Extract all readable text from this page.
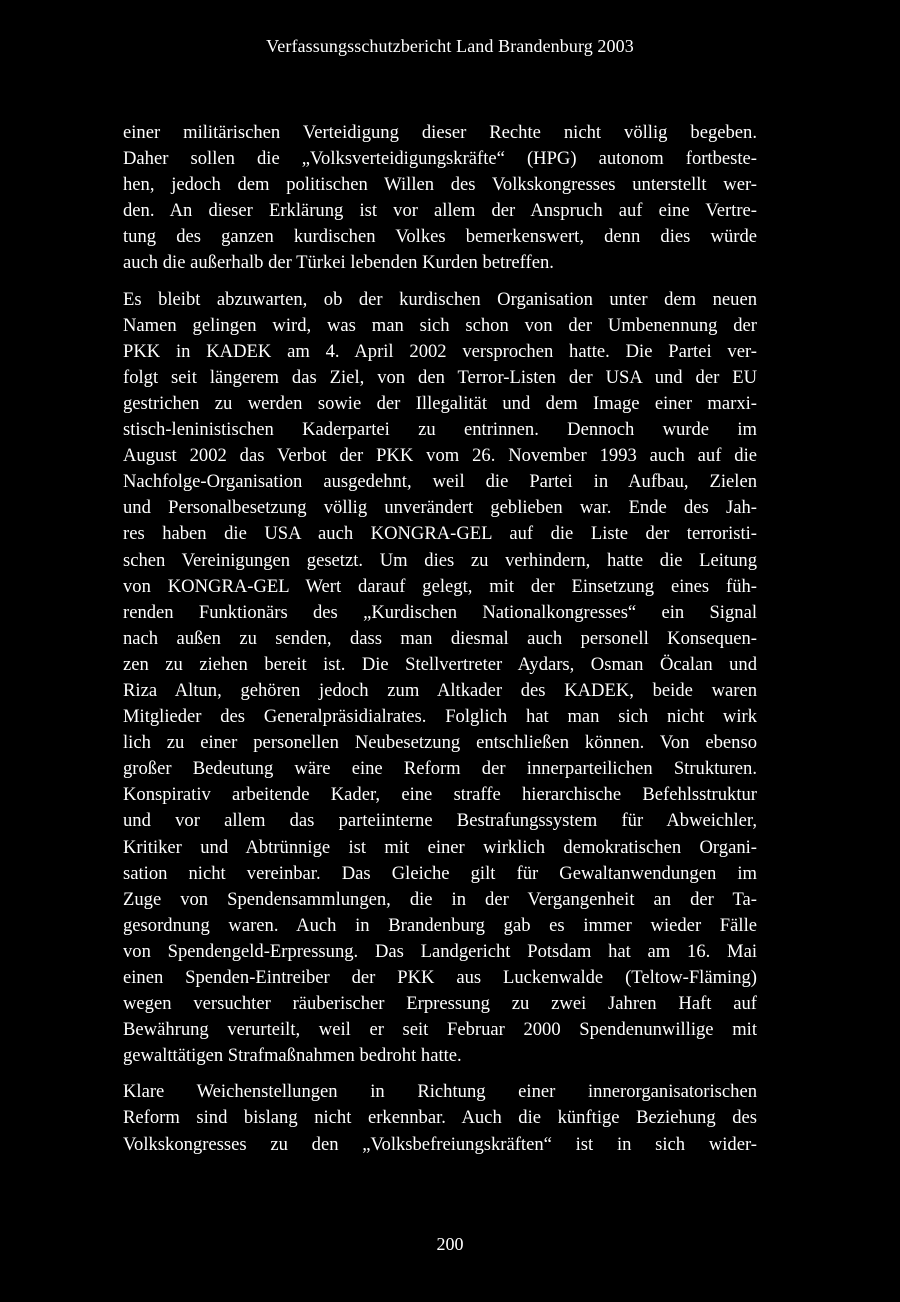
Verfassungsschutzbericht Land Brandenburg 2003
einer militärischen Verteidigung dieser Rechte nicht völlig begeben.
Daher sollen die „Volksverteidigungskräfte“ (HPG) autonom fortbeste-
hen, jedoch dem politischen Willen des Volkskongresses unterstellt wer-
den. An dieser Erklärung ist vor allem der Anspruch auf eine Vertre-
tung des ganzen kurdischen Volkes bemerkenswert, denn dies würde
auch die außerhalb der Türkei lebenden Kurden betreffen.
Es bleibt abzuwarten, ob der kurdischen Organisation unter dem neuen
Namen gelingen wird, was man sich schon von der Umbenennung der
PKK in KADEK am 4. April 2002 versprochen hatte. Die Partei ver-
folgt seit längerem das Ziel, von den Terror-Listen der USA und der EU
gestrichen zu werden sowie der Illegalität und dem Image einer marxi-
stisch-leninistischen Kaderpartei zu entrinnen. Dennoch wurde im
August 2002 das Verbot der PKK vom 26. November 1993 auch auf die
Nachfolge-Organisation ausgedehnt, weil die Partei in Aufbau, Zielen
und Personalbesetzung völlig unverändert geblieben war. Ende des Jah-
res haben die USA auch KONGRA-GEL auf die Liste der terroristi-
schen Vereinigungen gesetzt. Um dies zu verhindern, hatte die Leitung
von KONGRA-GEL Wert darauf gelegt, mit der Einsetzung eines füh-
renden Funktionärs des „Kurdischen Nationalkongresses“ ein Signal
nach außen zu senden, dass man diesmal auch personell Konsequen-
zen zu ziehen bereit ist. Die Stellvertreter Aydars, Osman Öcalan und
Riza Altun, gehören jedoch zum Altkader des KADEK, beide waren
Mitglieder des Generalpräsidialrates. Folglich hat man sich nicht wirk
lich zu einer personellen Neubesetzung entschließen können. Von ebenso
großer Bedeutung wäre eine Reform der innerparteilichen Strukturen.
Konspirativ arbeitende Kader, eine straffe hierarchische Befehlsstruktur
und vor allem das parteiinterne Bestrafungssystem für Abweichler,
Kritiker und Abtrünnige ist mit einer wirklich demokratischen Organi-
sation nicht vereinbar. Das Gleiche gilt für Gewaltanwendungen im
Zuge von Spendensammlungen, die in der Vergangenheit an der Ta-
gesordnung waren. Auch in Brandenburg gab es immer wieder Fälle
von Spendengeld-Erpressung. Das Landgericht Potsdam hat am 16. Mai
einen Spenden-Eintreiber der PKK aus Luckenwalde (Teltow-Fläming)
wegen versuchter räuberischer Erpressung zu zwei Jahren Haft auf
Bewährung verurteilt, weil er seit Februar 2000 Spendenunwillige mit
gewalttätigen Strafmaßnahmen bedroht hatte.
Klare Weichenstellungen in Richtung einer innerorganisatorischen
Reform sind bislang nicht erkennbar. Auch die künftige Beziehung des
Volkskongresses zu den „Volksbefreiungskräften“ ist in sich wider-
200
